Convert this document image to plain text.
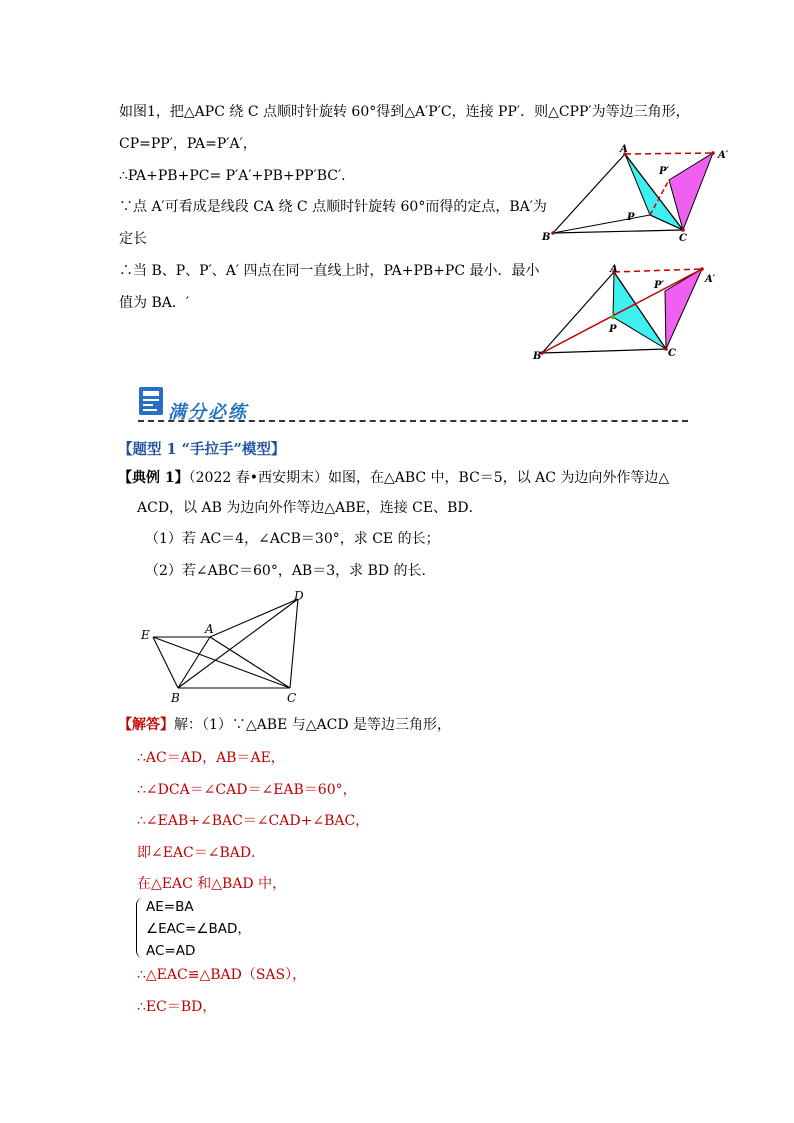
如图1，把△APC 绕 C 点顺时针旋转 60°得到△A′P′C，连接 PP′．则△CPP′为等边三角形，
CP=PP′，PA=P′A′，
∴PA+PB+PC= P′A′+PB+PP′BC′．
∵点 A′可看成是线段 CA 绕 C 点顺时针旋转 60°而得的定点，BA′为
定长
∴当 B、P、P′、A′ 四点在同一直线上时，PA+PB+PC 最小．最小
值为 BA．′
A
A′
P′
P
B	C
A
A′
P′
P
B	C
满分必练
【题型 1 “手拉手”模型】
【典例 1】（2022 春•西安期末）如图，在△ABC 中，BC＝5，以 AC 为边向外作等边△
ACD，以 AB 为边向外作等边△ABE，连接 CE、BD．
（1）若 AC＝4，∠ACB＝30°，求 CE 的长；
（2）若∠ABC＝60°，AB＝3，求 BD 的长．
D
E	A
B	C
【解答】解：（1）∵△ABE 与△ACD 是等边三角形，
∴AC＝AD，AB＝AE，
∴∠DCA＝∠CAD＝∠EAB＝60°，
∴∠EAB+∠BAC＝∠CAD+∠BAC，
即∠EAC＝∠BAD．
在△EAC 和△BAD 中，
AE=BA
∠EAC=∠BAD，
AC=AD
∴△EAC≌△BAD（SAS），
∴EC＝BD，
